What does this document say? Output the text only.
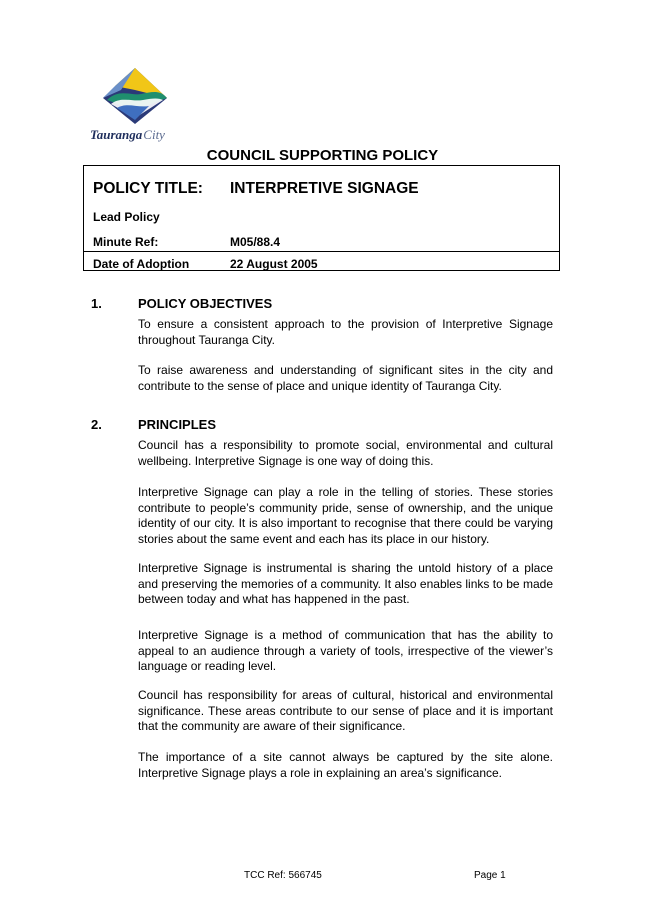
TaurangaCity
COUNCIL SUPPORTING POLICY
POLICY TITLE: INTERPRETIVE SIGNAGE
Lead Policy
Minute Ref:	M05/88.4
Date of Adoption	22 August 2005
1.	POLICY OBJECTIVES
To ensure a consistent approach to the provision of Interpretive Signage throughout Tauranga City.
To raise awareness and understanding of significant sites in the city and contribute to the sense of place and unique identity of Tauranga City.
2.	PRINCIPLES
Council has a responsibility to promote social, environmental and cultural wellbeing. Interpretive Signage is one way of doing this.
Interpretive Signage can play a role in the telling of stories. These stories contribute to people’s community pride, sense of ownership, and the unique identity of our city. It is also important to recognise that there could be varying stories about the same event and each has its place in our history.
Interpretive Signage is instrumental is sharing the untold history of a place and preserving the memories of a community. It also enables links to be made between today and what has happened in the past.
Interpretive Signage is a method of communication that has the ability to appeal to an audience through a variety of tools, irrespective of the viewer’s language or reading level.
Council has responsibility for areas of cultural, historical and environmental significance. These areas contribute to our sense of place and it is important that the community are aware of their significance.
The importance of a site cannot always be captured by the site alone. Interpretive Signage plays a role in explaining an area’s significance.
TCC Ref: 566745	Page 1
